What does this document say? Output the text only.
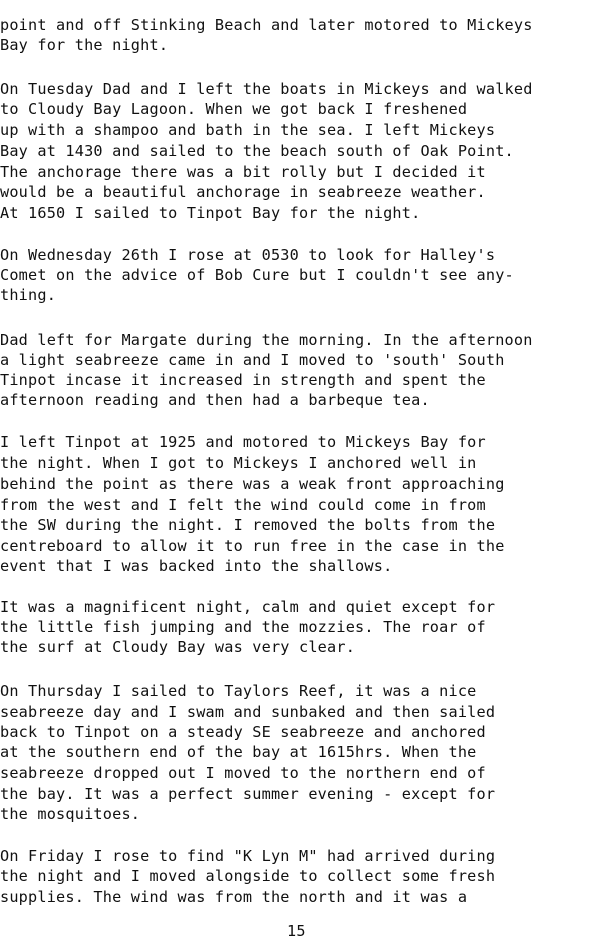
point and off Stinking Beach and later motored to Mickeys
Bay for the night.
On Tuesday Dad and I left the boats in Mickeys and walked
to Cloudy Bay Lagoon. When we got back I freshened
up with a shampoo and bath in the sea. I left Mickeys
Bay at 1430 and sailed to the beach south of Oak Point.
The anchorage there was a bit rolly but I decided it
would be a beautiful anchorage in seabreeze weather.
At 1650 I sailed to Tinpot Bay for the night.
On Wednesday 26th I rose at 0530 to look for Halley's
Comet on the advice of Bob Cure but I couldn't see any-
thing.
Dad left for Margate during the morning. In the afternoon
a light seabreeze came in and I moved to 'south' South
Tinpot incase it increased in strength and spent the
afternoon reading and then had a barbeque tea.
I left Tinpot at 1925 and motored to Mickeys Bay for
the night. When I got to Mickeys I anchored well in
behind the point as there was a weak front approaching
from the west and I felt the wind could come in from
the SW during the night. I removed the bolts from the
centreboard to allow it to run free in the case in the
event that I was backed into the shallows.
It was a magnificent night, calm and quiet except for
the little fish jumping and the mozzies. The roar of
the surf at Cloudy Bay was very clear.
On Thursday I sailed to Taylors Reef, it was a nice
seabreeze day and I swam and sunbaked and then sailed
back to Tinpot on a steady SE seabreeze and anchored
at the southern end of the bay at 1615hrs. When the
seabreeze dropped out I moved to the northern end of
the bay. It was a perfect summer evening - except for
the mosquitoes.
On Friday I rose to find "K Lyn M" had arrived during
the night and I moved alongside to collect some fresh
supplies. The wind was from the north and it was a
15
